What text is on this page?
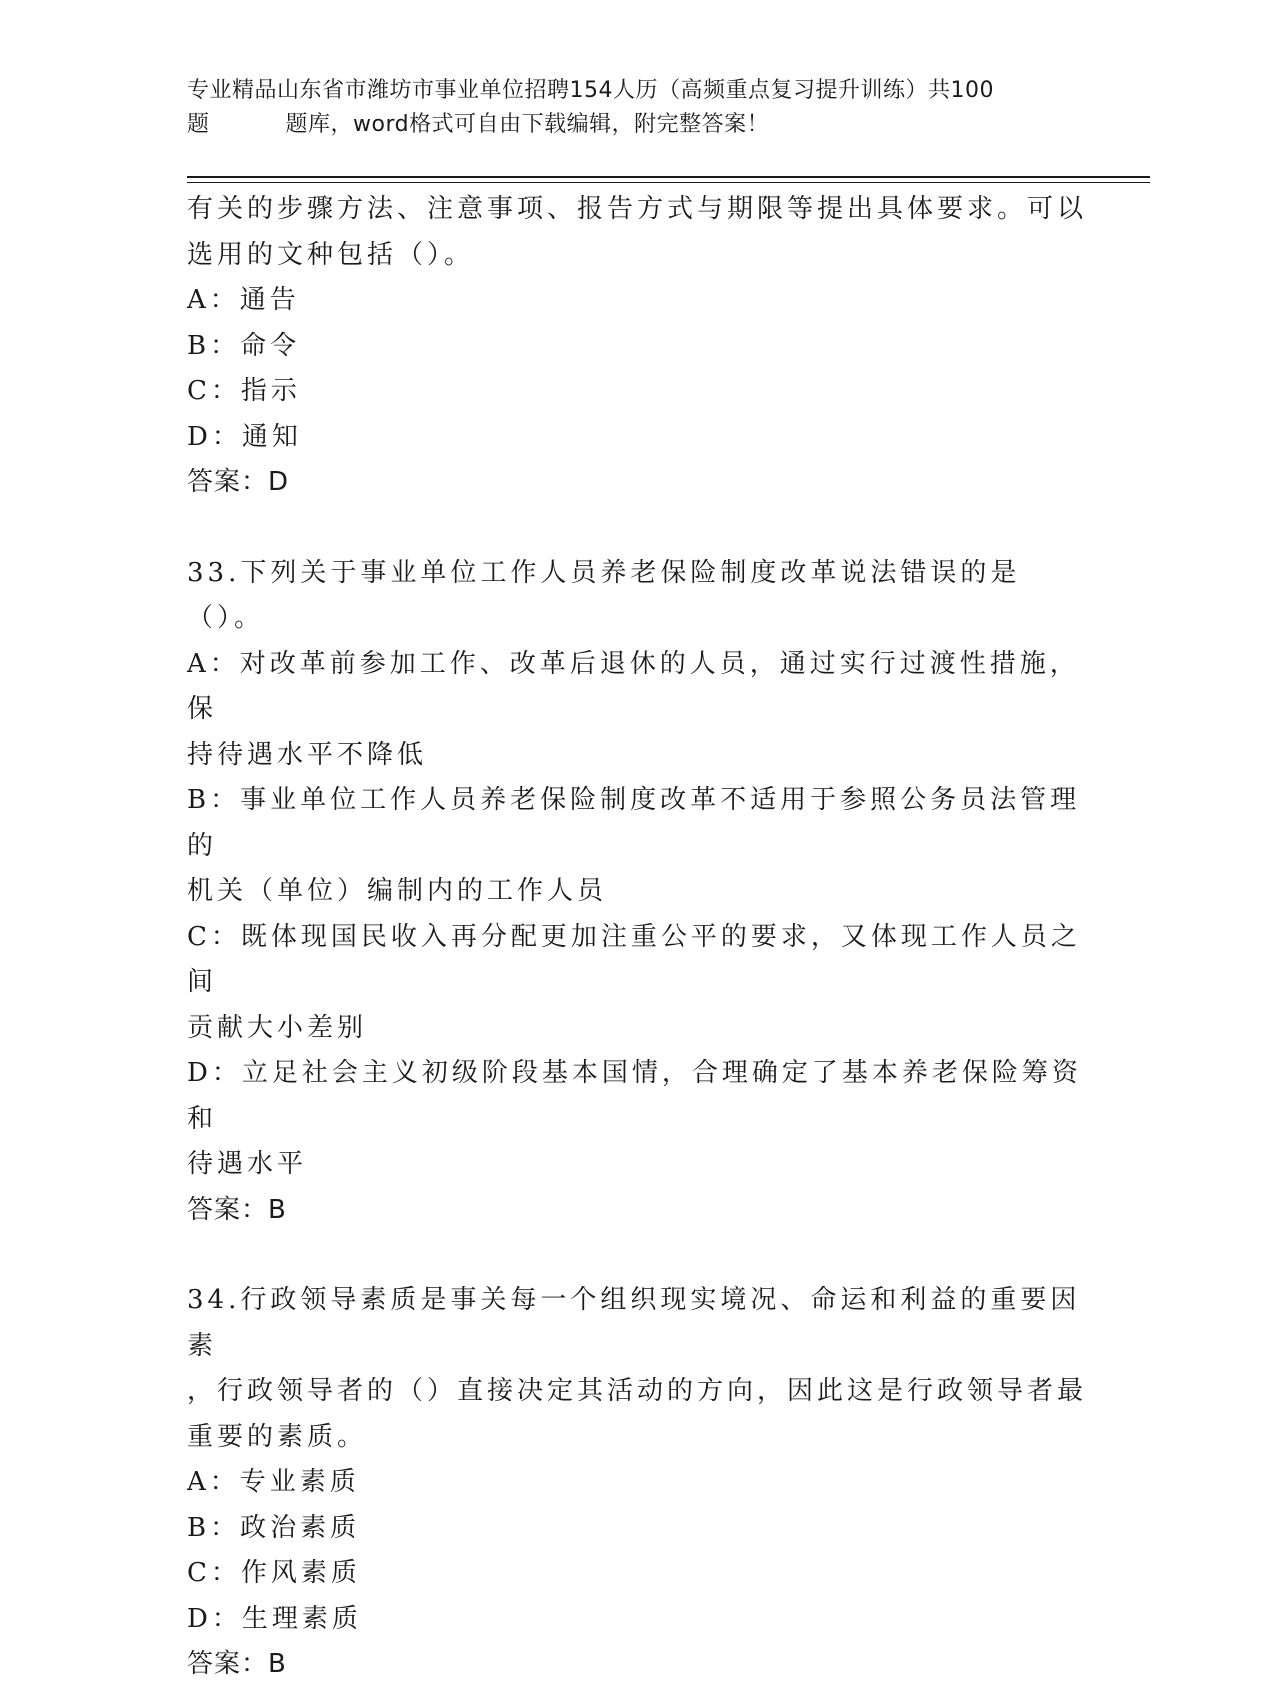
专业精品山东省市潍坊市事业单位招聘154人历（高频重点复习提升训练）共100
题	题库，word格式可自由下载编辑，附完整答案！

有关的步骤方法、注意事项、报告方式与期限等提出具体要求。可以

选用的文种包括（）。

A：通告

B：命令

C：指示

D：通知

答案：D

33.下列关于事业单位工作人员养老保险制度改革说法错误的是（）。

A：对改革前参加工作、改革后退休的人员，通过实行过渡性措施，保

持待遇水平不降低

B：事业单位工作人员养老保险制度改革不适用于参照公务员法管理的

机关（单位）编制内的工作人员

C：既体现国民收入再分配更加注重公平的要求，又体现工作人员之间

贡献大小差别

D：立足社会主义初级阶段基本国情，合理确定了基本养老保险筹资和

待遇水平

答案：B

34.行政领导素质是事关每一个组织现实境况、命运和利益的重要因素

，行政领导者的（）直接决定其活动的方向，因此这是行政领导者最

重要的素质。

A：专业素质

B：政治素质

C：作风素质

D：生理素质

答案：B
